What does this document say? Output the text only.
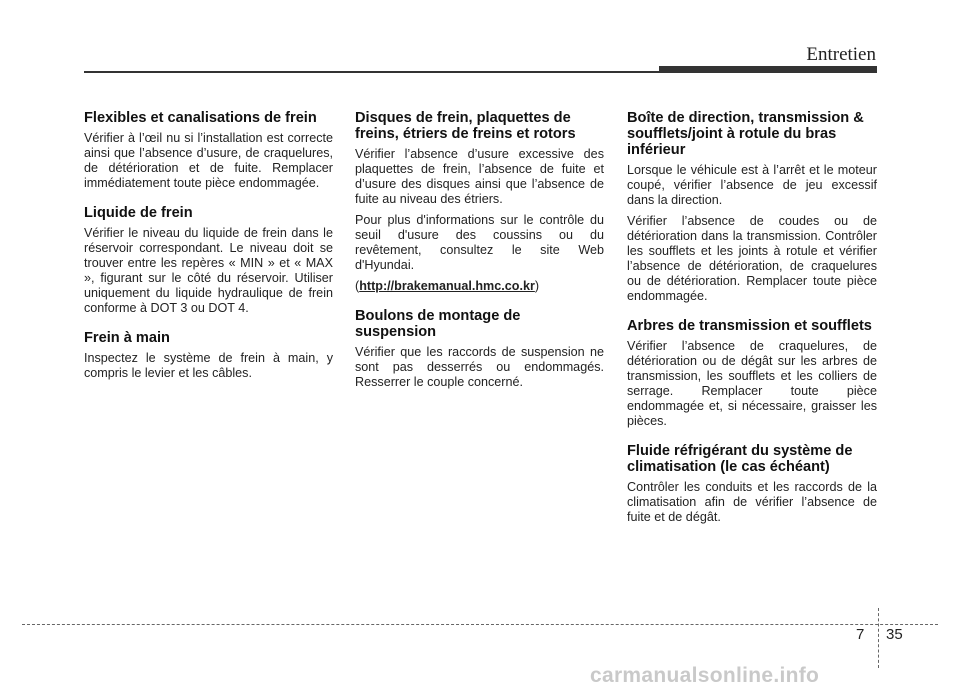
Entretien
Flexibles et canalisations de frein

Vérifier à l’œil nu si l’installation est correcte ainsi que l’absence d’usure, de craquelures, de détérioration et de fuite. Remplacer immédiatement toute pièce endommagée.

Liquide de frein

Vérifier le niveau du liquide de frein dans le réservoir correspondant. Le niveau doit se trouver entre les repères « MIN » et « MAX », figurant sur le côté du réservoir. Utiliser uniquement du liquide hydraulique de frein conforme à DOT 3 ou DOT 4.

Frein à main

Inspectez le système de frein à main, y compris le levier et les câbles.

Disques de frein, plaquettes de freins, étriers de freins et rotors

Vérifier l’absence d’usure excessive des plaquettes de frein, l’absence de fuite et d’usure des disques ainsi que l’absence de fuite au niveau des étriers.

Pour plus d'informations sur le contrôle du seuil d'usure des coussins ou du revêtement, consultez le site Web d'Hyundai.

(http://brakemanual.hmc.co.kr)

Boulons de montage de suspension

Vérifier que les raccords de suspension ne sont pas desserrés ou endommagés. Resserrer le couple concerné.

Boîte de direction, transmission & soufflets/joint à rotule du bras inférieur

Lorsque le véhicule est à l’arrêt et le moteur coupé, vérifier l’absence de jeu excessif dans la direction.

Vérifier l’absence de coudes ou de détérioration dans la transmission. Contrôler les soufflets et les joints à rotule et vérifier l’absence de détérioration, de craquelures ou de détérioration. Remplacer toute pièce endommagée.

Arbres de transmission et soufflets

Vérifier l’absence de craquelures, de détérioration ou de dégât sur les arbres de transmission, les soufflets et les colliers de serrage. Remplacer toute pièce endommagée et, si nécessaire, graisser les pièces.

Fluide réfrigérant du système de climatisation (le cas échéant)

Contrôler les conduits et les raccords de la climatisation afin de vérifier l’absence de fuite et de dégât.

7 35
carmanualsonline.info
